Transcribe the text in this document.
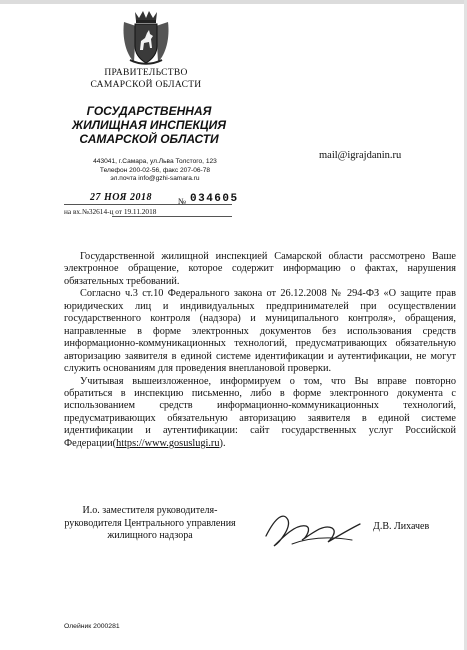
ПРАВИТЕЛЬСТВО
САМАРСКОЙ ОБЛАСТИ
ГОСУДАРСТВЕННАЯ
ЖИЛИЩНАЯ ИНСПЕКЦИЯ
САМАРСКОЙ ОБЛАСТИ
443041, г.Самара, ул.Льва Толстого, 123
Телефон 200-02-56, факс 207-06-78
эл.почта info@gzhi-samara.ru
mail@igrajdanin.ru
27 НОЯ 2018	№ 034605
на вх.№32614-ц от 19.11.2018

Государственной жилищной инспекцией Самарской области рассмотрено Ваше электронное обращение, которое содержит информацию о фактах, нарушения обязательных требований.

Согласно ч.3 ст.10 Федерального закона от 26.12.2008 № 294-ФЗ «О защите прав юридических лиц и индивидуальных предпринимателей при осуществлении государственного контроля (надзора) и муниципального контроля», обращения, направленные в форме электронных документов без использования средств информационно-коммуникационных технологий, предусматривающих обязательную авторизацию заявителя в единой системе идентификации и аутентификации, не могут служить основаниям для проведения внеплановой проверки.

Учитывая вышеизложенное, информируем о том, что Вы вправе повторно обратиться в инспекцию письменно, либо в форме электронного документа с использованием средств информационно-коммуникационных технологий, предусматривающих обязательную авторизацию заявителя в единой системе идентификации и аутентификации: сайт государственных услуг Российской Федерации(https://www.gosuslugi.ru).

И.о. заместителя руководителя-
руководителя Центрального управления
жилищного надзора
Д.В. Лихачев
Олейник 2000281
